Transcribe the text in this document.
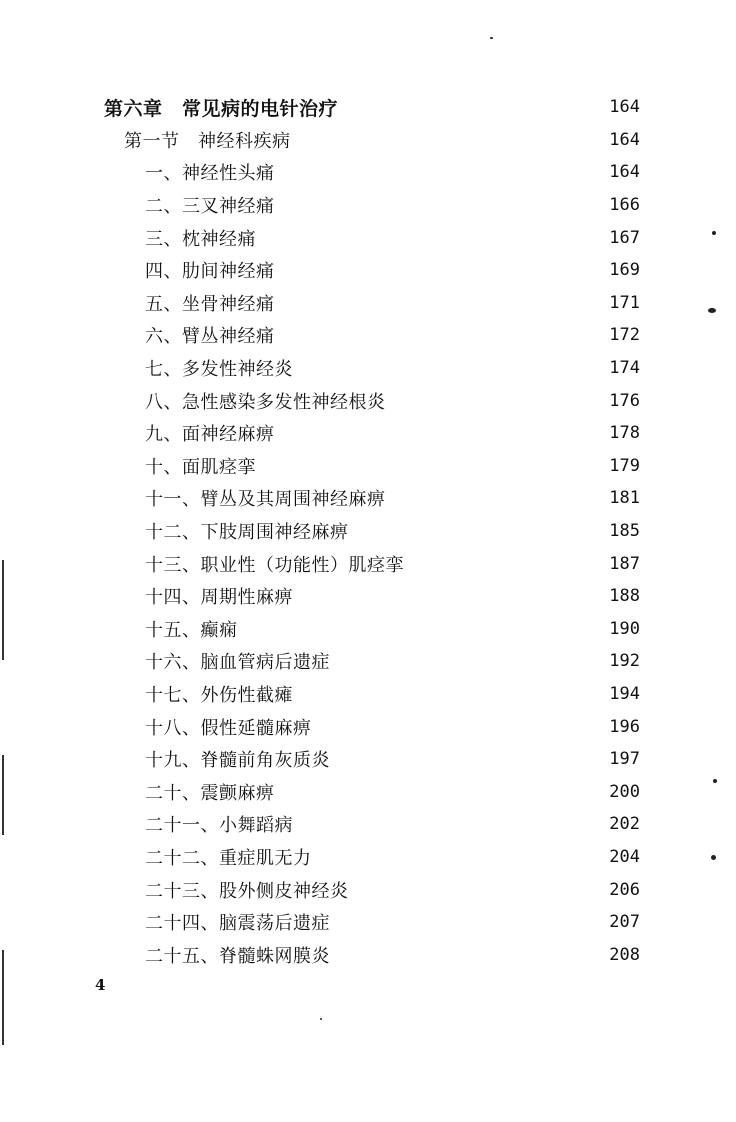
第六章　常见病的电针治疗	164
第一节　神经科疾病	164
一、神经性头痛	164
二、三叉神经痛	166
三、枕神经痛	167
四、肋间神经痛	169
五、坐骨神经痛	171
六、臂丛神经痛	172
七、多发性神经炎	174
八、急性感染多发性神经根炎	176
九、面神经麻痹	178
十、面肌痉挛	179
十一、臂丛及其周围神经麻痹	181
十二、下肢周围神经麻痹	185
十三、职业性（功能性）肌痉挛	187
十四、周期性麻痹	188
十五、癫痫	190
十六、脑血管病后遗症	192
十七、外伤性截瘫	194
十八、假性延髓麻痹	196
十九、脊髓前角灰质炎	197
二十、震颤麻痹	200
二十一、小舞蹈病	202
二十二、重症肌无力	204
二十三、股外侧皮神经炎	206
二十四、脑震荡后遗症	207
二十五、脊髓蛛网膜炎	208
4
